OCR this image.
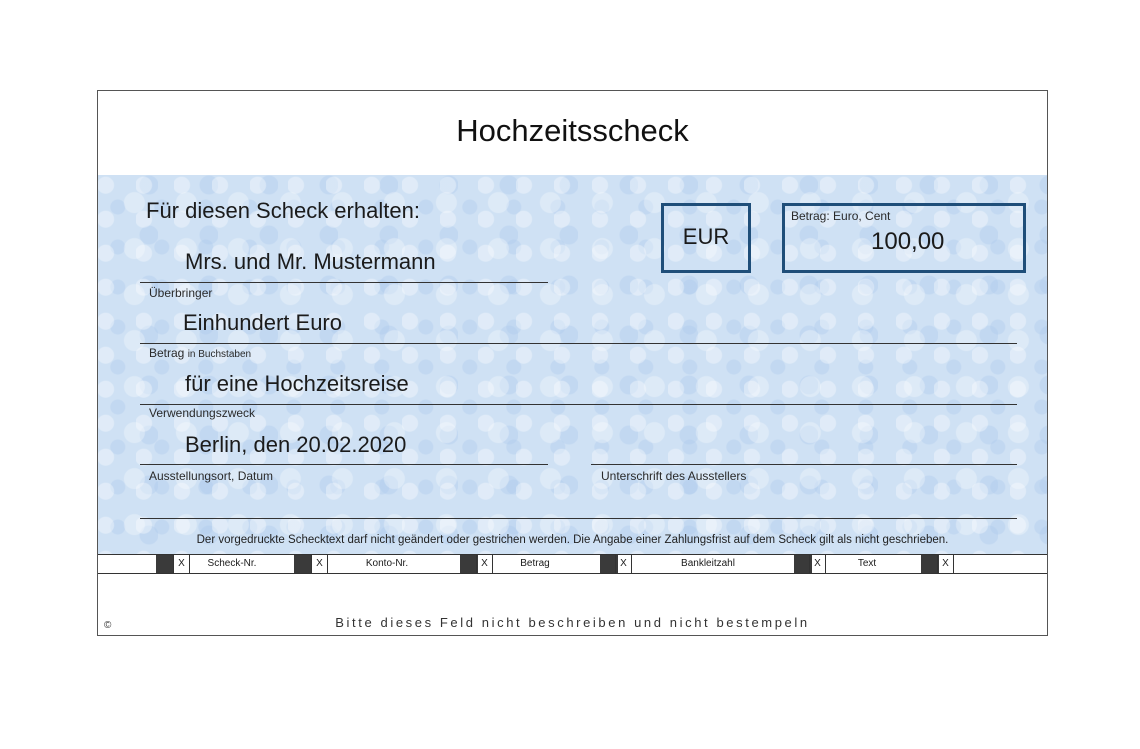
Hochzeitsscheck
Für diesen Scheck erhalten:
EUR
Betrag: Euro, Cent
100,00
Mrs. und Mr. Mustermann
Überbringer
Einhundert Euro
Betrag in Buchstaben
für eine Hochzeitsreise
Verwendungszweck
Berlin, den 20.02.2020
Ausstellungsort, Datum	Unterschrift des Ausstellers
Der vorgedruckte Schecktext darf nicht geändert oder gestrichen werden. Die Angabe einer Zahlungsfrist auf dem Scheck gilt als nicht geschrieben.
X	Scheck-Nr.	X	Konto-Nr.	X	Betrag	X	Bankleitzahl	X	Text	X
Bitte dieses Feld nicht beschreiben und nicht bestempeln
©
